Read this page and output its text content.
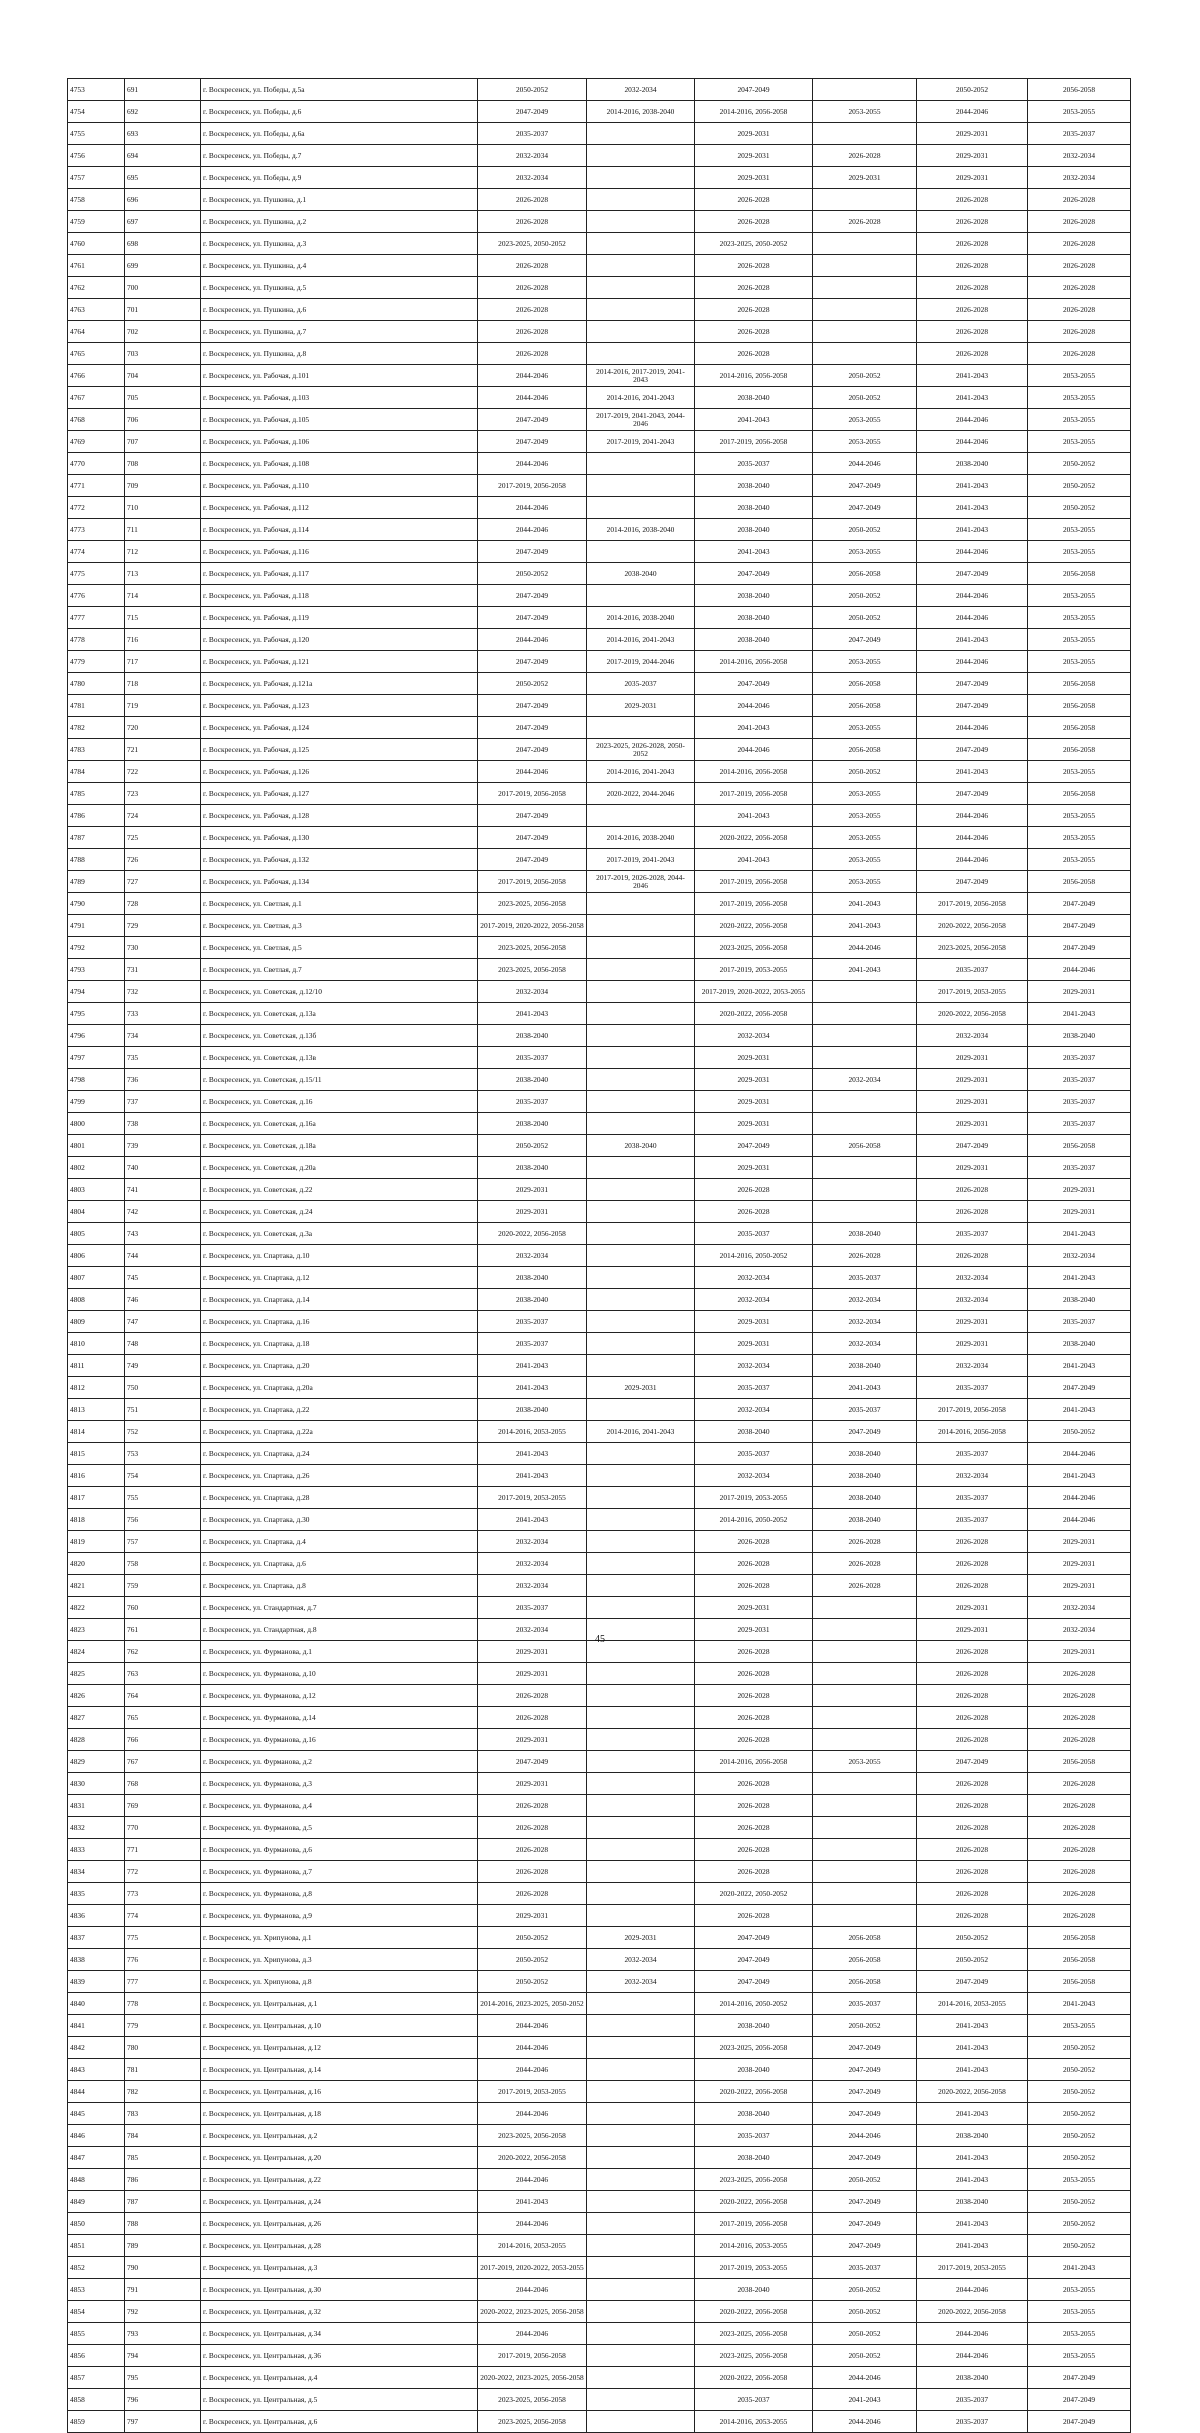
4753	691	г. Воскресенск, ул. Победы, д.5а	2050-2052	2032-2034	2047-2049		2050-2052	2056-2058
4754	692	г. Воскресенск, ул. Победы, д.6	2047-2049	2014-2016, 2038-2040	2014-2016, 2056-2058	2053-2055	2044-2046	2053-2055
4755	693	г. Воскресенск, ул. Победы, д.6а	2035-2037		2029-2031		2029-2031	2035-2037
4756	694	г. Воскресенск, ул. Победы, д.7	2032-2034		2029-2031	2026-2028	2029-2031	2032-2034
4757	695	г. Воскресенск, ул. Победы, д.9	2032-2034		2029-2031	2029-2031	2029-2031	2032-2034
4758	696	г. Воскресенск, ул. Пушкина, д.1	2026-2028		2026-2028		2026-2028	2026-2028
4759	697	г. Воскресенск, ул. Пушкина, д.2	2026-2028		2026-2028	2026-2028	2026-2028	2026-2028
4760	698	г. Воскресенск, ул. Пушкина, д.3	2023-2025, 2050-2052		2023-2025, 2050-2052		2026-2028	2026-2028
4761	699	г. Воскресенск, ул. Пушкина, д.4	2026-2028		2026-2028		2026-2028	2026-2028
4762	700	г. Воскресенск, ул. Пушкина, д.5	2026-2028		2026-2028		2026-2028	2026-2028
4763	701	г. Воскресенск, ул. Пушкина, д.6	2026-2028		2026-2028		2026-2028	2026-2028
4764	702	г. Воскресенск, ул. Пушкина, д.7	2026-2028		2026-2028		2026-2028	2026-2028
4765	703	г. Воскресенск, ул. Пушкина, д.8	2026-2028		2026-2028		2026-2028	2026-2028
4766	704	г. Воскресенск, ул. Рабочая, д.101	2044-2046	2014-2016, 2017-2019, 2041-2043	2014-2016, 2056-2058	2050-2052	2041-2043	2053-2055
4767	705	г. Воскресенск, ул. Рабочая, д.103	2044-2046	2014-2016, 2041-2043	2038-2040	2050-2052	2041-2043	2053-2055
4768	706	г. Воскресенск, ул. Рабочая, д.105	2047-2049	2017-2019, 2041-2043, 2044-2046	2041-2043	2053-2055	2044-2046	2053-2055
4769	707	г. Воскресенск, ул. Рабочая, д.106	2047-2049	2017-2019, 2041-2043	2017-2019, 2056-2058	2053-2055	2044-2046	2053-2055
4770	708	г. Воскресенск, ул. Рабочая, д.108	2044-2046		2035-2037	2044-2046	2038-2040	2050-2052
4771	709	г. Воскресенск, ул. Рабочая, д.110	2017-2019, 2056-2058		2038-2040	2047-2049	2041-2043	2050-2052
4772	710	г. Воскресенск, ул. Рабочая, д.112	2044-2046		2038-2040	2047-2049	2041-2043	2050-2052
4773	711	г. Воскресенск, ул. Рабочая, д.114	2044-2046	2014-2016, 2038-2040	2038-2040	2050-2052	2041-2043	2053-2055
4774	712	г. Воскресенск, ул. Рабочая, д.116	2047-2049		2041-2043	2053-2055	2044-2046	2053-2055
4775	713	г. Воскресенск, ул. Рабочая, д.117	2050-2052	2038-2040	2047-2049	2056-2058	2047-2049	2056-2058
4776	714	г. Воскресенск, ул. Рабочая, д.118	2047-2049		2038-2040	2050-2052	2044-2046	2053-2055
4777	715	г. Воскресенск, ул. Рабочая, д.119	2047-2049	2014-2016, 2038-2040	2038-2040	2050-2052	2044-2046	2053-2055
4778	716	г. Воскресенск, ул. Рабочая, д.120	2044-2046	2014-2016, 2041-2043	2038-2040	2047-2049	2041-2043	2053-2055
4779	717	г. Воскресенск, ул. Рабочая, д.121	2047-2049	2017-2019, 2044-2046	2014-2016, 2056-2058	2053-2055	2044-2046	2053-2055
4780	718	г. Воскресенск, ул. Рабочая, д.121а	2050-2052	2035-2037	2047-2049	2056-2058	2047-2049	2056-2058
4781	719	г. Воскресенск, ул. Рабочая, д.123	2047-2049	2029-2031	2044-2046	2056-2058	2047-2049	2056-2058
4782	720	г. Воскресенск, ул. Рабочая, д.124	2047-2049		2041-2043	2053-2055	2044-2046	2056-2058
4783	721	г. Воскресенск, ул. Рабочая, д.125	2047-2049	2023-2025, 2026-2028, 2050-2052	2044-2046	2056-2058	2047-2049	2056-2058
4784	722	г. Воскресенск, ул. Рабочая, д.126	2044-2046	2014-2016, 2041-2043	2014-2016, 2056-2058	2050-2052	2041-2043	2053-2055
4785	723	г. Воскресенск, ул. Рабочая, д.127	2017-2019, 2056-2058	2020-2022, 2044-2046	2017-2019, 2056-2058	2053-2055	2047-2049	2056-2058
4786	724	г. Воскресенск, ул. Рабочая, д.128	2047-2049		2041-2043	2053-2055	2044-2046	2053-2055
4787	725	г. Воскресенск, ул. Рабочая, д.130	2047-2049	2014-2016, 2038-2040	2020-2022, 2056-2058	2053-2055	2044-2046	2053-2055
4788	726	г. Воскресенск, ул. Рабочая, д.132	2047-2049	2017-2019, 2041-2043	2041-2043	2053-2055	2044-2046	2053-2055
4789	727	г. Воскресенск, ул. Рабочая, д.134	2017-2019, 2056-2058	2017-2019, 2026-2028, 2044-2046	2017-2019, 2056-2058	2053-2055	2047-2049	2056-2058
4790	728	г. Воскресенск, ул. Светлая, д.1	2023-2025, 2056-2058		2017-2019, 2056-2058	2041-2043	2017-2019, 2056-2058	2047-2049
4791	729	г. Воскресенск, ул. Светлая, д.3	2017-2019, 2020-2022, 2056-2058		2020-2022, 2056-2058	2041-2043	2020-2022, 2056-2058	2047-2049
4792	730	г. Воскресенск, ул. Светлая, д.5	2023-2025, 2056-2058		2023-2025, 2056-2058	2044-2046	2023-2025, 2056-2058	2047-2049
4793	731	г. Воскресенск, ул. Светлая, д.7	2023-2025, 2056-2058		2017-2019, 2053-2055	2041-2043	2035-2037	2044-2046
4794	732	г. Воскресенск, ул. Советская, д.12/10	2032-2034		2017-2019, 2020-2022, 2053-2055		2017-2019, 2053-2055	2029-2031
4795	733	г. Воскресенск, ул. Советская, д.13а	2041-2043		2020-2022, 2056-2058		2020-2022, 2056-2058	2041-2043
4796	734	г. Воскресенск, ул. Советская, д.13б	2038-2040		2032-2034		2032-2034	2038-2040
4797	735	г. Воскресенск, ул. Советская, д.13в	2035-2037		2029-2031		2029-2031	2035-2037
4798	736	г. Воскресенск, ул. Советская, д.15/11	2038-2040		2029-2031	2032-2034	2029-2031	2035-2037
4799	737	г. Воскресенск, ул. Советская, д.16	2035-2037		2029-2031		2029-2031	2035-2037
4800	738	г. Воскресенск, ул. Советская, д.16а	2038-2040		2029-2031		2029-2031	2035-2037
4801	739	г. Воскресенск, ул. Советская, д.18а	2050-2052	2038-2040	2047-2049	2056-2058	2047-2049	2056-2058
4802	740	г. Воскресенск, ул. Советская, д.20а	2038-2040		2029-2031		2029-2031	2035-2037
4803	741	г. Воскресенск, ул. Советская, д.22	2029-2031		2026-2028		2026-2028	2029-2031
4804	742	г. Воскресенск, ул. Советская, д.24	2029-2031		2026-2028		2026-2028	2029-2031
4805	743	г. Воскресенск, ул. Советская, д.3а	2020-2022, 2056-2058		2035-2037	2038-2040	2035-2037	2041-2043
4806	744	г. Воскресенск, ул. Спартака, д.10	2032-2034		2014-2016, 2050-2052	2026-2028	2026-2028	2032-2034
4807	745	г. Воскресенск, ул. Спартака, д.12	2038-2040		2032-2034	2035-2037	2032-2034	2041-2043
4808	746	г. Воскресенск, ул. Спартака, д.14	2038-2040		2032-2034	2032-2034	2032-2034	2038-2040
4809	747	г. Воскресенск, ул. Спартака, д.16	2035-2037		2029-2031	2032-2034	2029-2031	2035-2037
4810	748	г. Воскресенск, ул. Спартака, д.18	2035-2037		2029-2031	2032-2034	2029-2031	2038-2040
4811	749	г. Воскресенск, ул. Спартака, д.20	2041-2043		2032-2034	2038-2040	2032-2034	2041-2043
4812	750	г. Воскресенск, ул. Спартака, д.20а	2041-2043	2029-2031	2035-2037	2041-2043	2035-2037	2047-2049
4813	751	г. Воскресенск, ул. Спартака, д.22	2038-2040		2032-2034	2035-2037	2017-2019, 2056-2058	2041-2043
4814	752	г. Воскресенск, ул. Спартака, д.22а	2014-2016, 2053-2055	2014-2016, 2041-2043	2038-2040	2047-2049	2014-2016, 2056-2058	2050-2052
4815	753	г. Воскресенск, ул. Спартака, д.24	2041-2043		2035-2037	2038-2040	2035-2037	2044-2046
4816	754	г. Воскресенск, ул. Спартака, д.26	2041-2043		2032-2034	2038-2040	2032-2034	2041-2043
4817	755	г. Воскресенск, ул. Спартака, д.28	2017-2019, 2053-2055		2017-2019, 2053-2055	2038-2040	2035-2037	2044-2046
4818	756	г. Воскресенск, ул. Спартака, д.30	2041-2043		2014-2016, 2050-2052	2038-2040	2035-2037	2044-2046
4819	757	г. Воскресенск, ул. Спартака, д.4	2032-2034		2026-2028	2026-2028	2026-2028	2029-2031
4820	758	г. Воскресенск, ул. Спартака, д.6	2032-2034		2026-2028	2026-2028	2026-2028	2029-2031
4821	759	г. Воскресенск, ул. Спартака, д.8	2032-2034		2026-2028	2026-2028	2026-2028	2029-2031
4822	760	г. Воскресенск, ул. Стандартная, д.7	2035-2037		2029-2031		2029-2031	2032-2034
4823	761	г. Воскресенск, ул. Стандартная, д.8	2032-2034		2029-2031		2029-2031	2032-2034
4824	762	г. Воскресенск, ул. Фурманова, д.1	2029-2031		2026-2028		2026-2028	2029-2031
4825	763	г. Воскресенск, ул. Фурманова, д.10	2029-2031		2026-2028		2026-2028	2026-2028
4826	764	г. Воскресенск, ул. Фурманова, д.12	2026-2028		2026-2028		2026-2028	2026-2028
4827	765	г. Воскресенск, ул. Фурманова, д.14	2026-2028		2026-2028		2026-2028	2026-2028
4828	766	г. Воскресенск, ул. Фурманова, д.16	2029-2031		2026-2028		2026-2028	2026-2028
4829	767	г. Воскресенск, ул. Фурманова, д.2	2047-2049		2014-2016, 2056-2058	2053-2055	2047-2049	2056-2058
4830	768	г. Воскресенск, ул. Фурманова, д.3	2029-2031		2026-2028		2026-2028	2026-2028
4831	769	г. Воскресенск, ул. Фурманова, д.4	2026-2028		2026-2028		2026-2028	2026-2028
4832	770	г. Воскресенск, ул. Фурманова, д.5	2026-2028		2026-2028		2026-2028	2026-2028
4833	771	г. Воскресенск, ул. Фурманова, д.6	2026-2028		2026-2028		2026-2028	2026-2028
4834	772	г. Воскресенск, ул. Фурманова, д.7	2026-2028		2026-2028		2026-2028	2026-2028
4835	773	г. Воскресенск, ул. Фурманова, д.8	2026-2028		2020-2022, 2050-2052		2026-2028	2026-2028
4836	774	г. Воскресенск, ул. Фурманова, д.9	2029-2031		2026-2028		2026-2028	2026-2028
4837	775	г. Воскресенск, ул. Хрипунова, д.1	2050-2052	2029-2031	2047-2049	2056-2058	2050-2052	2056-2058
4838	776	г. Воскресенск, ул. Хрипунова, д.3	2050-2052	2032-2034	2047-2049	2056-2058	2050-2052	2056-2058
4839	777	г. Воскресенск, ул. Хрипунова, д.8	2050-2052	2032-2034	2047-2049	2056-2058	2047-2049	2056-2058
4840	778	г. Воскресенск, ул. Центральная, д.1	2014-2016, 2023-2025, 2050-2052		2014-2016, 2050-2052	2035-2037	2014-2016, 2053-2055	2041-2043
4841	779	г. Воскресенск, ул. Центральная, д.10	2044-2046		2038-2040	2050-2052	2041-2043	2053-2055
4842	780	г. Воскресенск, ул. Центральная, д.12	2044-2046		2023-2025, 2056-2058	2047-2049	2041-2043	2050-2052
4843	781	г. Воскресенск, ул. Центральная, д.14	2044-2046		2038-2040	2047-2049	2041-2043	2050-2052
4844	782	г. Воскресенск, ул. Центральная, д.16	2017-2019, 2053-2055		2020-2022, 2056-2058	2047-2049	2020-2022, 2056-2058	2050-2052
4845	783	г. Воскресенск, ул. Центральная, д.18	2044-2046		2038-2040	2047-2049	2041-2043	2050-2052
4846	784	г. Воскресенск, ул. Центральная, д.2	2023-2025, 2056-2058		2035-2037	2044-2046	2038-2040	2050-2052
4847	785	г. Воскресенск, ул. Центральная, д.20	2020-2022, 2056-2058		2038-2040	2047-2049	2041-2043	2050-2052
4848	786	г. Воскресенск, ул. Центральная, д.22	2044-2046		2023-2025, 2056-2058	2050-2052	2041-2043	2053-2055
4849	787	г. Воскресенск, ул. Центральная, д.24	2041-2043		2020-2022, 2056-2058	2047-2049	2038-2040	2050-2052
4850	788	г. Воскресенск, ул. Центральная, д.26	2044-2046		2017-2019, 2056-2058	2047-2049	2041-2043	2050-2052
4851	789	г. Воскресенск, ул. Центральная, д.28	2014-2016, 2053-2055		2014-2016, 2053-2055	2047-2049	2041-2043	2050-2052
4852	790	г. Воскресенск, ул. Центральная, д.3	2017-2019, 2020-2022, 2053-2055		2017-2019, 2053-2055	2035-2037	2017-2019, 2053-2055	2041-2043
4853	791	г. Воскресенск, ул. Центральная, д.30	2044-2046		2038-2040	2050-2052	2044-2046	2053-2055
4854	792	г. Воскресенск, ул. Центральная, д.32	2020-2022, 2023-2025, 2056-2058		2020-2022, 2056-2058	2050-2052	2020-2022, 2056-2058	2053-2055
4855	793	г. Воскресенск, ул. Центральная, д.34	2044-2046		2023-2025, 2056-2058	2050-2052	2044-2046	2053-2055
4856	794	г. Воскресенск, ул. Центральная, д.36	2017-2019, 2056-2058		2023-2025, 2056-2058	2050-2052	2044-2046	2053-2055
4857	795	г. Воскресенск, ул. Центральная, д.4	2020-2022, 2023-2025, 2056-2058		2020-2022, 2056-2058	2044-2046	2038-2040	2047-2049
4858	796	г. Воскресенск, ул. Центральная, д.5	2023-2025, 2056-2058		2035-2037	2041-2043	2035-2037	2047-2049
4859	797	г. Воскресенск, ул. Центральная, д.6	2023-2025, 2056-2058		2014-2016, 2053-2055	2044-2046	2035-2037	2047-2049
45
